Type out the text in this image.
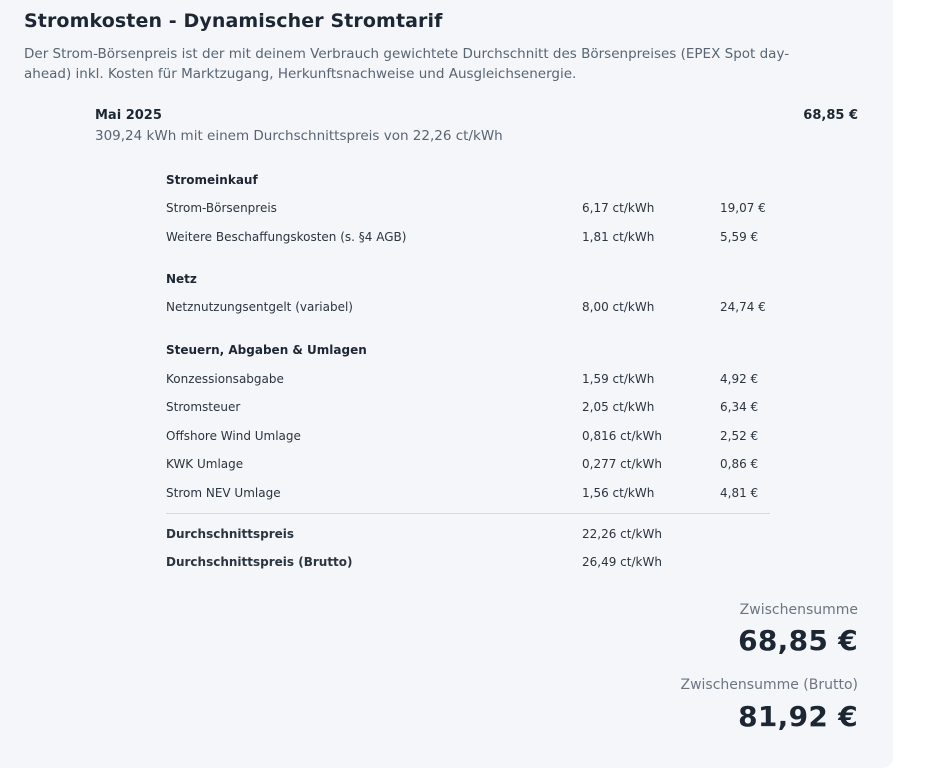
Stromkosten - Dynamischer Stromtarif
Der Strom-Börsenpreis ist der mit deinem Verbrauch gewichtete Durchschnitt des Börsenpreises (EPEX Spot day-ahead) inkl. Kosten für Marktzugang, Herkunftsnachweise und Ausgleichsenergie.
Mai 2025	68,85 €
309,24 kWh mit einem Durchschnittspreis von 22,26 ct/kWh
Stromeinkauf
Strom-Börsenpreis	6,17 ct/kWh	19,07 €
Weitere Beschaffungskosten (s. §4 AGB)	1,81 ct/kWh	5,59 €
Netz
Netznutzungsentgelt (variabel)	8,00 ct/kWh	24,74 €
Steuern, Abgaben & Umlagen
Konzessionsabgabe	1,59 ct/kWh	4,92 €
Stromsteuer	2,05 ct/kWh	6,34 €
Offshore Wind Umlage	0,816 ct/kWh	2,52 €
KWK Umlage	0,277 ct/kWh	0,86 €
Strom NEV Umlage	1,56 ct/kWh	4,81 €
Durchschnittspreis	22,26 ct/kWh
Durchschnittspreis (Brutto)	26,49 ct/kWh
Zwischensumme
68,85 €
Zwischensumme (Brutto)
81,92 €
